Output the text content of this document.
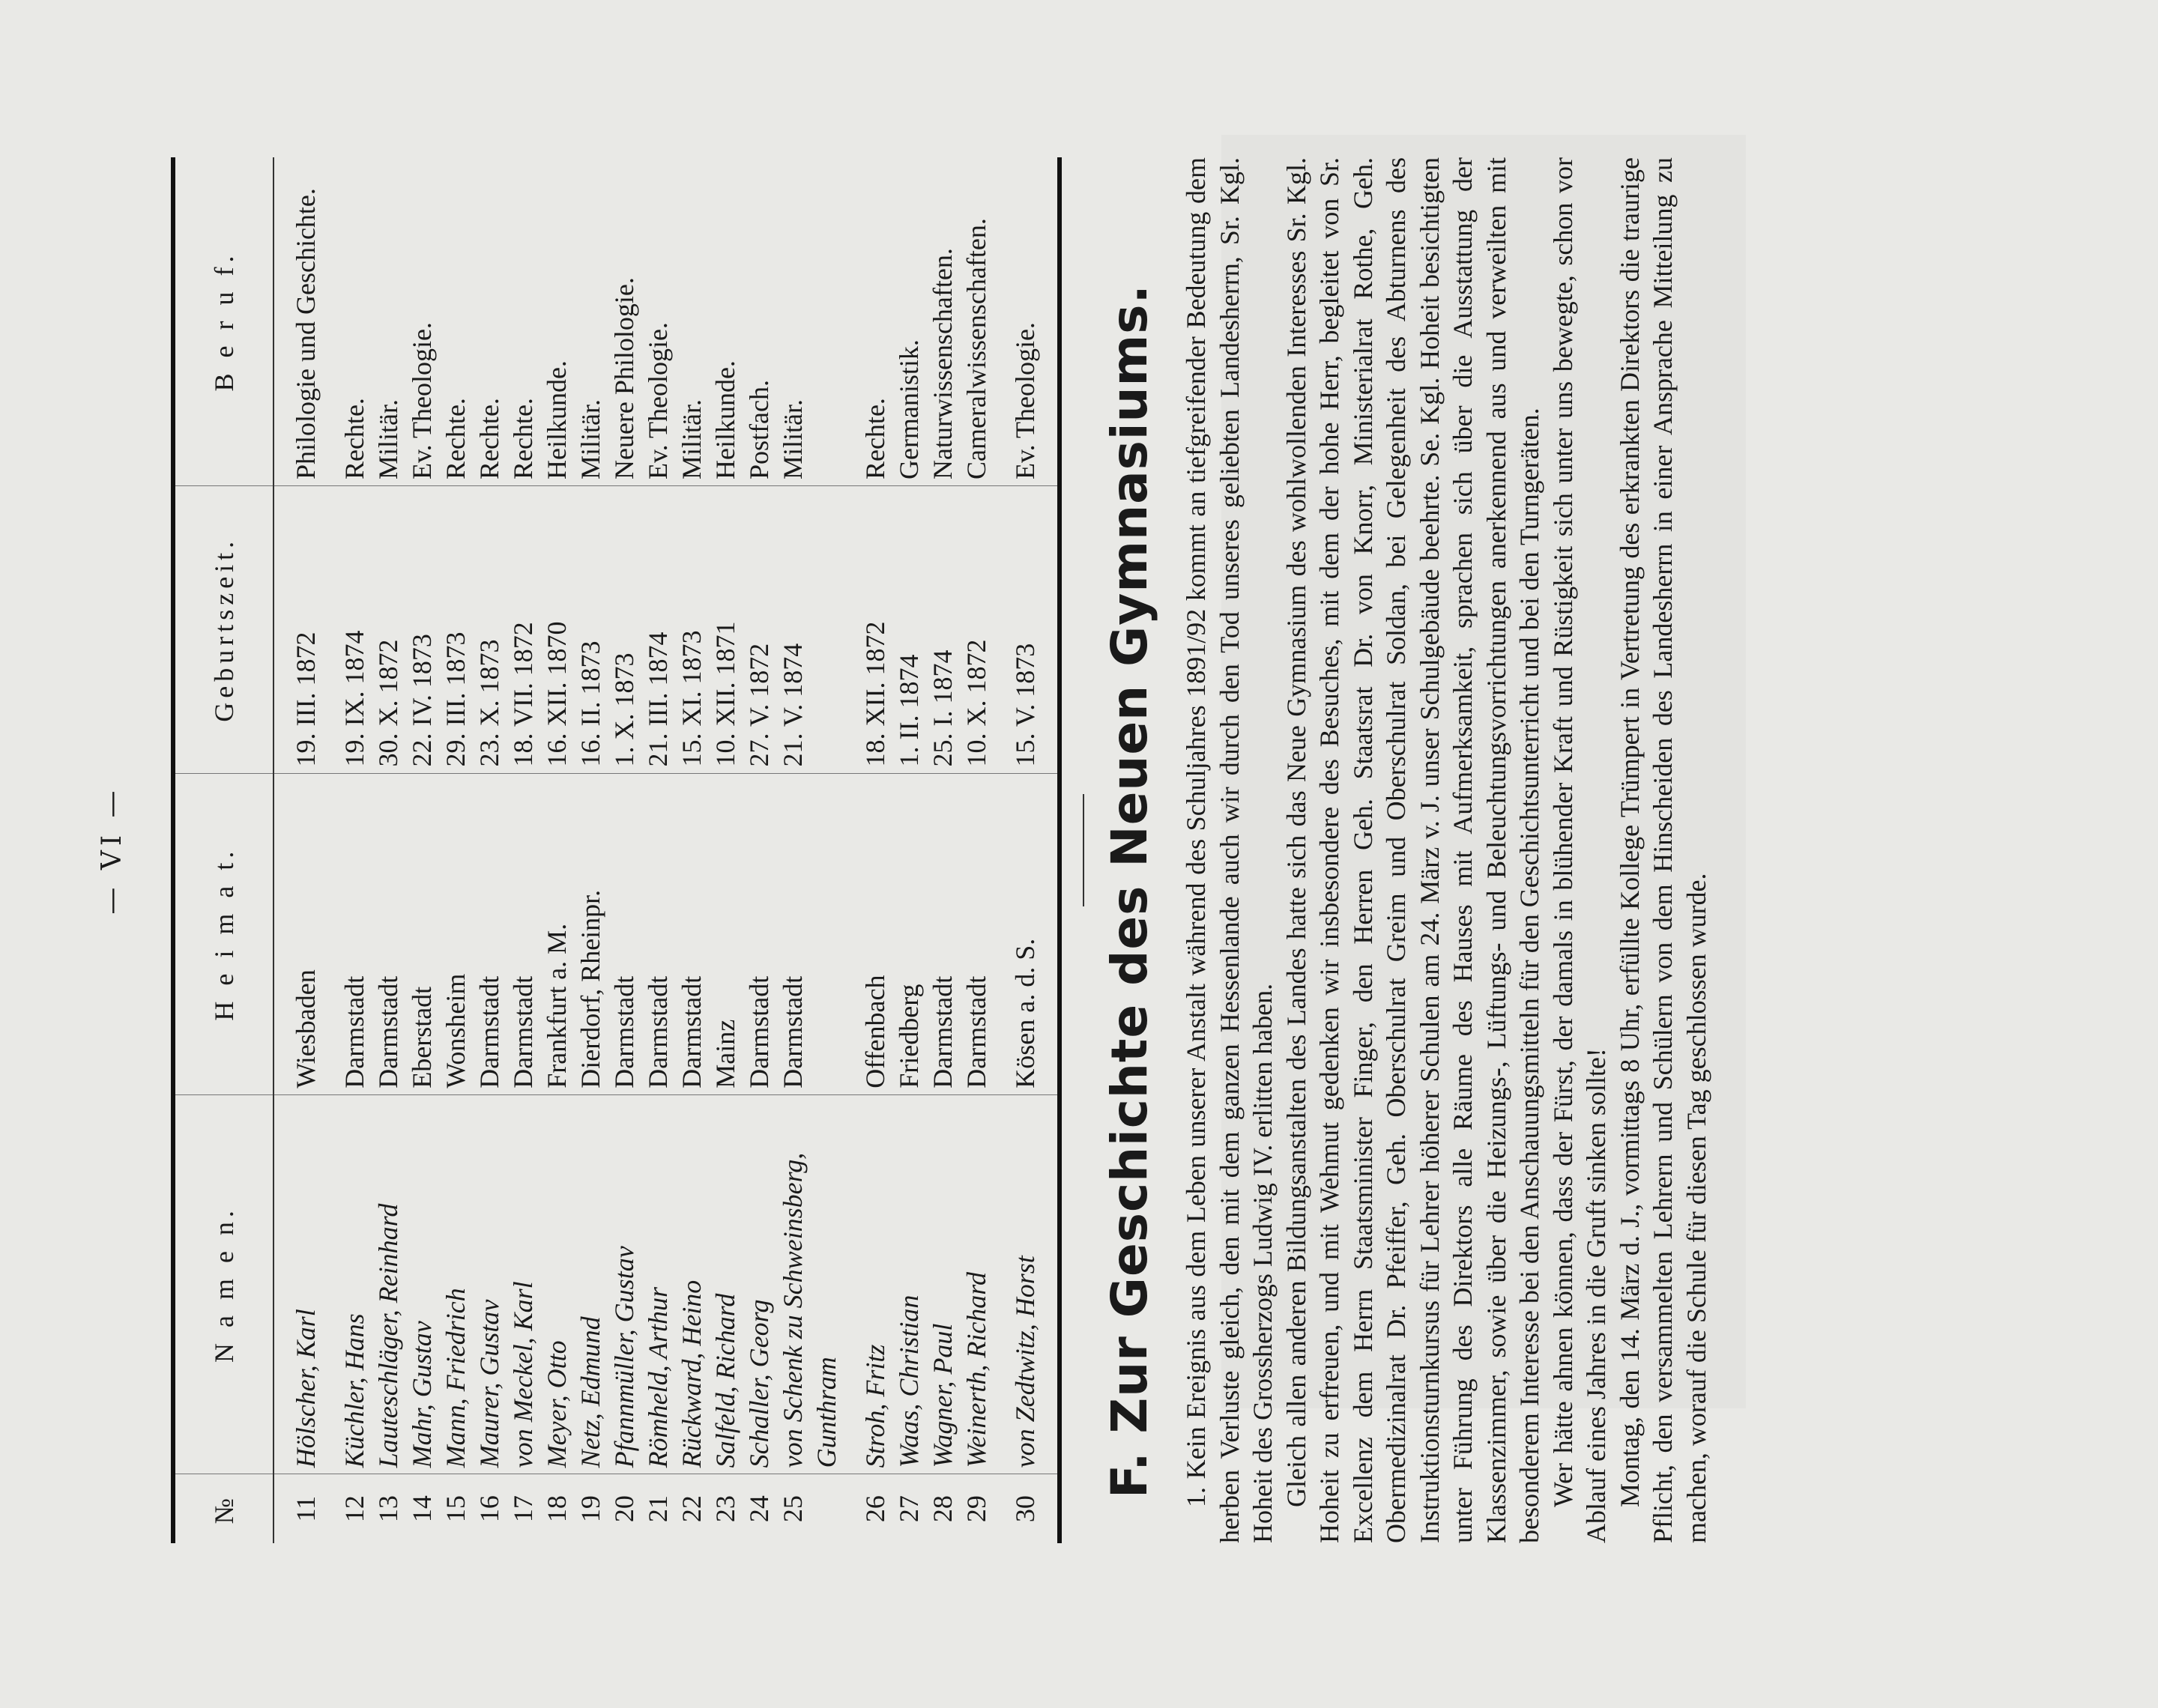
— VI —
№	N a m e n.	H e i m a t.	Geburtszeit.	B e r u f.
11	Hölscher, Karl	Wiesbaden	19. III. 1872	Philologie und Geschichte.

12	Küchler, Hans	Darmstadt	19. IX. 1874	Rechte.
13	Lauteschläger, Reinhard	Darmstadt	30. X. 1872	Militär.
14	Mahr, Gustav	Eberstadt	22. IV. 1873	Ev. Theologie.
15	Mann, Friedrich	Wonsheim	29. III. 1873	Rechte.
16	Maurer, Gustav	Darmstadt	23. X. 1873	Rechte.
17	von Meckel, Karl	Darmstadt	18. VII. 1872	Rechte.
18	Meyer, Otto	Frankfurt a. M.	16. XII. 1870	Heilkunde.
19	Netz, Edmund	Dierdorf, Rheinpr.	16. II. 1873	Militär.
20	Pfannmüller, Gustav	Darmstadt	1. X. 1873	Neuere Philologie.
21	Römheld, Arthur	Darmstadt	21. III. 1874	Ev. Theologie.
22	Rückward, Heino	Darmstadt	15. XI. 1873	Militär.
23	Salfeld, Richard	Mainz	10. XII. 1871	Heilkunde.
24	Schaller, Georg	Darmstadt	27. V. 1872	Postfach.
25	von Schenk zu Schweinsberg, Gunthram	Darmstadt	21. V. 1874	Militär.

26	Stroh, Fritz	Offenbach	18. XII. 1872	Rechte.
27	Waas, Christian	Friedberg	1. II. 1874	Germanistik.
28	Wagner, Paul	Darmstadt	25. I. 1874	Naturwissenschaften.
29	Weinerth, Richard	Darmstadt	10. X. 1872	Cameralwissenschaften.

30	von Zedtwitz, Horst	Kösen a. d. S.	15. V. 1873	Ev. Theologie. F. Zur Geschichte des Neuen Gymnasiums. 1. Kein Ereignis aus dem Leben unserer Anstalt während des Schuljahres 1891/92 kommt an tiefgreifender Bedeutung dem herben Verluste gleich, den mit dem ganzen Hessenlande auch wir durch den Tod unseres geliebten Landesherrn, Sr. Kgl. Hoheit des Grossherzogs Ludwig IV. erlitten haben. Gleich allen anderen Bildungsanstalten des Landes hatte sich das Neue Gymnasium des wohlwollenden Interesses Sr. Kgl. Hoheit zu erfreuen, und mit Wehmut gedenken wir insbesondere des Besuches, mit dem der hohe Herr, begleitet von Sr. Excellenz dem Herrn Staatsminister Finger, den Herren Geh. Staatsrat Dr. von Knorr, Ministerialrat Rothe, Geh. Obermedizinalrat Dr. Pfeiffer, Geh. Oberschulrat Greim und Oberschulrat Soldan, bei Gelegenheit des Abturnens des Instruktionsturnkursus für Lehrer höherer Schulen am 24. März v. J. unser Schulgebäude beehrte. Se. Kgl. Hoheit besichtigten unter Führung des Direktors alle Räume des Hauses mit Aufmerksamkeit, sprachen sich über die Ausstattung der Klassenzimmer, sowie über die Heizungs-, Lüftungs- und Beleuchtungsvorrichtungen anerkennend aus und verweilten mit besonderem Interesse bei den Anschauungsmitteln für den Geschichtsunterricht und bei den Turngeräten. Wer hätte ahnen können, dass der Fürst, der damals in blühender Kraft und Rüstigkeit sich unter uns bewegte, schon vor Ablauf eines Jahres in die Gruft sinken sollte! Montag, den 14. März d. J., vormittags 8 Uhr, erfüllte Kollege Trümpert in Vertretung des erkrankten Direktors die traurige Pflicht, den versammelten Lehrern und Schülern von dem Hinscheiden des Landesherrn in einer Ansprache Mitteilung zu machen, worauf die Schule für diesen Tag geschlossen wurde.
